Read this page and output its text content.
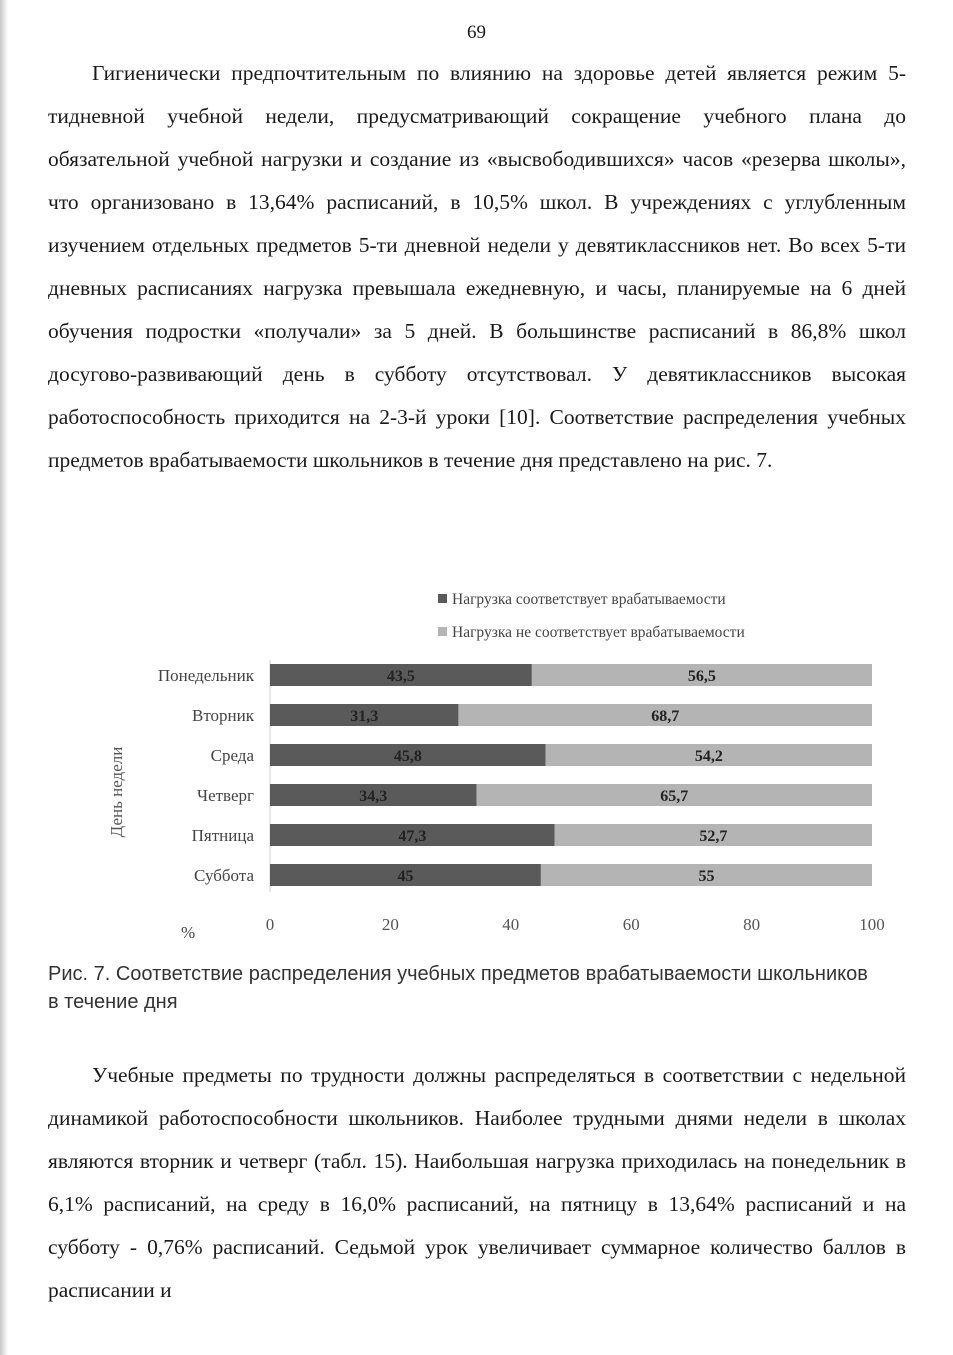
69

Гигиенически предпочтительным по влиянию на здоровье детей является режим 5-тидневной учебной недели, предусматривающий сокращение учебного плана до обязательной учебной нагрузки и создание из «высвободившихся» часов «резерва школы», что организовано в 13,64% расписаний, в 10,5% школ. В учреждениях с углубленным изучением отдельных предметов 5-ти дневной недели у девятиклассников нет. Во всех 5-ти дневных расписаниях нагрузка превышала ежедневную, и часы, планируемые на 6 дней обучения подростки «получали» за 5 дней. В большинстве расписаний в 86,8% школ досугово-развивающий день в субботу отсутствовал. У девятиклассников высокая работоспособность приходится на 2-3-й уроки [10]. Соответствие распределения учебных предметов врабатываемости школьников в течение дня представлено на рис. 7.

Нагрузка соответствует врабатываемости
Нагрузка не соответствует врабатываемости
День недели
%
Понедельник	43,5	56,5
Вторник	31,3	68,7
Среда	45,8	54,2
Четверг	34,3	65,7
Пятница	47,3	52,7
Суббота	45	55
0	20	40	60	80	100
Рис. 7. Соответствие распределения учебных предметов врабатываемости школьников в течение дня

Учебные предметы по трудности должны распределяться в соответствии с недельной динамикой работоспособности школьников. Наиболее трудными днями недели в школах являются вторник и четверг (табл. 15). Наибольшая нагрузка приходилась на понедельник в 6,1% расписаний, на среду в 16,0% расписаний, на пятницу в 13,64% расписаний и на субботу - 0,76% расписаний. Седьмой урок увеличивает суммарное количество баллов в расписании и
